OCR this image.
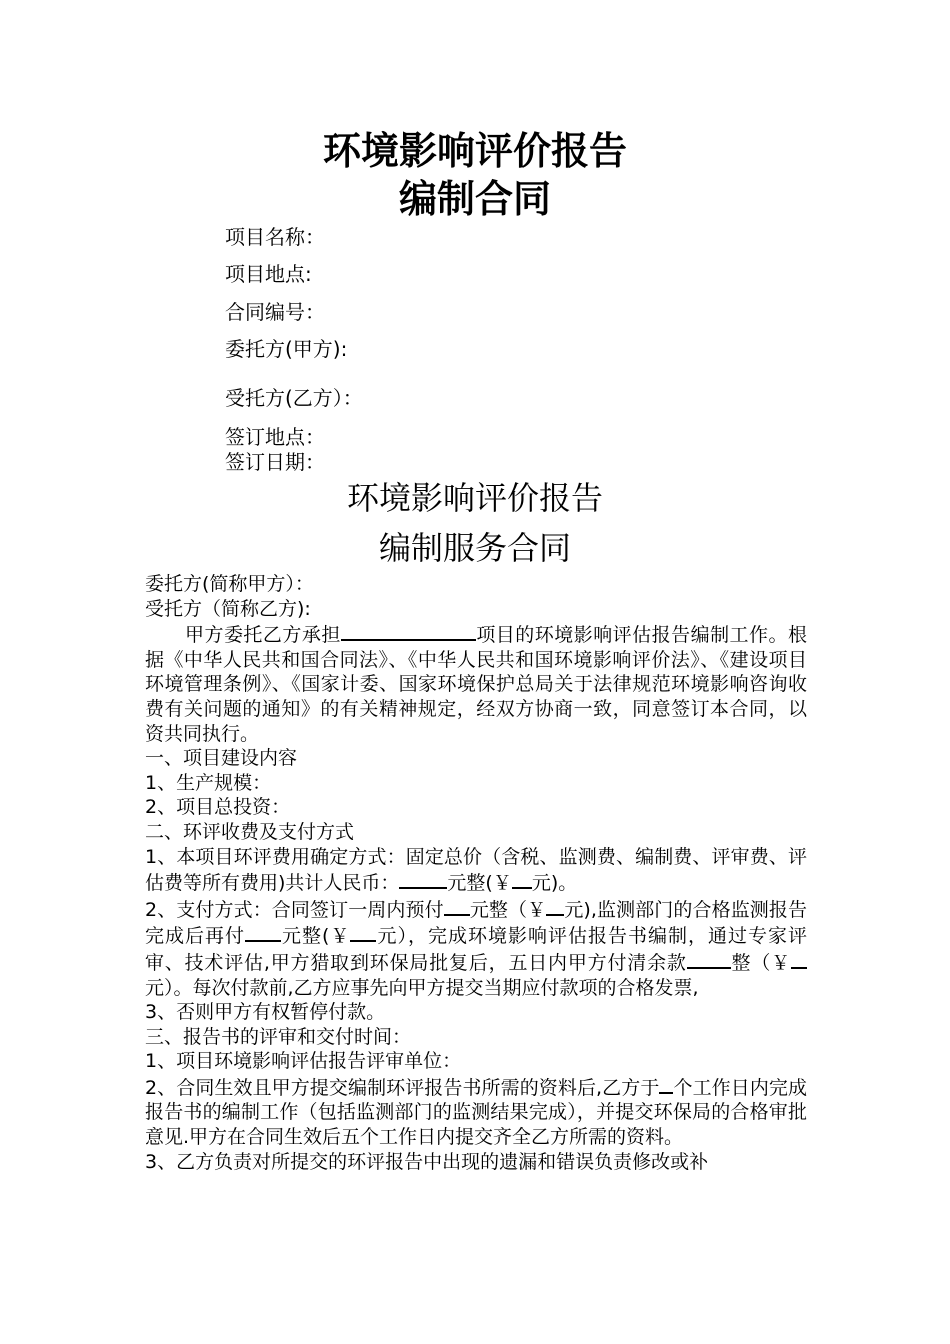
环境影响评价报告
编制合同
项目名称：
项目地点:
合同编号：
委托方(甲方):
受托方(乙方）：
签订地点：
签订日期：
环境影响评价报告
编制服务合同

委托方(简称甲方）：

受托方（简称乙方):

甲方委托乙方承担	项目的环境影响评估报告编制工作。根据《中华人民共和国合同法》、《中华人民共和国环境影响评价法》、《建设项目环境管理条例》、《国家计委、国家环境保护总局关于法律规范环境影响咨询收费有关问题的通知》的有关精神规定，经双方协商一致，同意签订本合同，以资共同执行。

一、项目建设内容

1、生产规模：

2、项目总投资：

二、环评收费及支付方式

1、本项目环评费用确定方式：固定总价（含税、监测费、编制费、评审费、评估费等所有费用)共计人民币：	元整(￥ 元)。

2、支付方式：合同签订一周内预付 元整（￥ 元),监测部门的合格监测报告完成后再付 元整(￥ 元），完成环境影响评估报告书编制，通过专家评审、技术评估,甲方猎取到环保局批复后，五日内甲方付清余款 整（￥元）。每次付款前,乙方应事先向甲方提交当期应付款项的合格发票,

3、否则甲方有权暂停付款。

三、报告书的评审和交付时间：

1、项目环境影响评估报告评审单位：

2、合同生效且甲方提交编制环评报告书所需的资料后,乙方于 个工作日内完成报告书的编制工作（包括监测部门的监测结果完成），并提交环保局的合格审批意见.甲方在合同生效后五个工作日内提交齐全乙方所需的资料。

3、乙方负责对所提交的环评报告中出现的遗漏和错误负责修改或补
